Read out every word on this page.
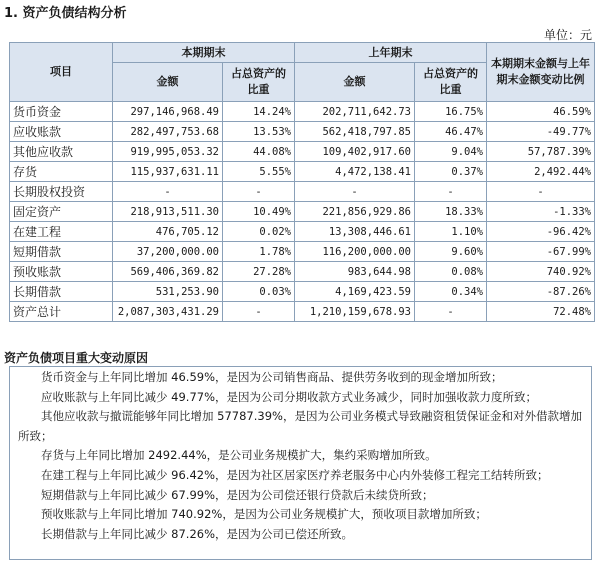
1. 资产负债结构分析
单位：元
项目	本期期末		上年期末		本期期末金额与上年期末金额变动比例
	金额	占总资产的比重	金额	占总资产的比重	
货币资金	297,146,968.49	14.24%	202,711,642.73	16.75%	46.59%
应收账款	282,497,753.68	13.53%	562,418,797.85	46.47%	-49.77%
其他应收款	919,995,053.32	44.08%	109,402,917.60	9.04%	57,787.39%
存货	115,937,631.11	5.55%	4,472,138.41	0.37%	2,492.44%
长期股权投资	-	-	-	-	-
固定资产	218,913,511.30	10.49%	221,856,929.86	18.33%	-1.33%
在建工程	476,705.12	0.02%	13,308,446.61	1.10%	-96.42%
短期借款	37,200,000.00	1.78%	116,200,000.00	9.60%	-67.99%
预收账款	569,406,369.82	27.28%	983,644.98	0.08%	740.92%
长期借款	531,253.90	0.03%	4,169,423.59	0.34%	-87.26%
资产总计	2,087,303,431.29	-	1,210,159,678.93	-	72.48%
资产负债项目重大变动原因

货币资金与上年同比增加 46.59%，是因为公司销售商品、提供劳务收到的现金增加所致；

应收账款与上年同比减少 49.77%，是因为公司分期收款方式业务减少，同时加强收款力度所致；

其他应收款与撤谎能够年同比增加 57787.39%，是因为公司业务模式导致融资租赁保证金和对外借款增加所致；

存货与上年同比增加 2492.44%，是公司业务规模扩大，集约采购增加所致。

在建工程与上年同比减少 96.42%，是因为社区居家医疗养老服务中心内外装修工程完工结转所致；

短期借款与上年同比减少 67.99%，是因为公司偿还银行贷款后未续贷所致；

预收账款与上年同比增加 740.92%，是因为公司业务规模扩大，预收项目款增加所致；

长期借款与上年同比减少 87.26%，是因为公司已偿还所致。
